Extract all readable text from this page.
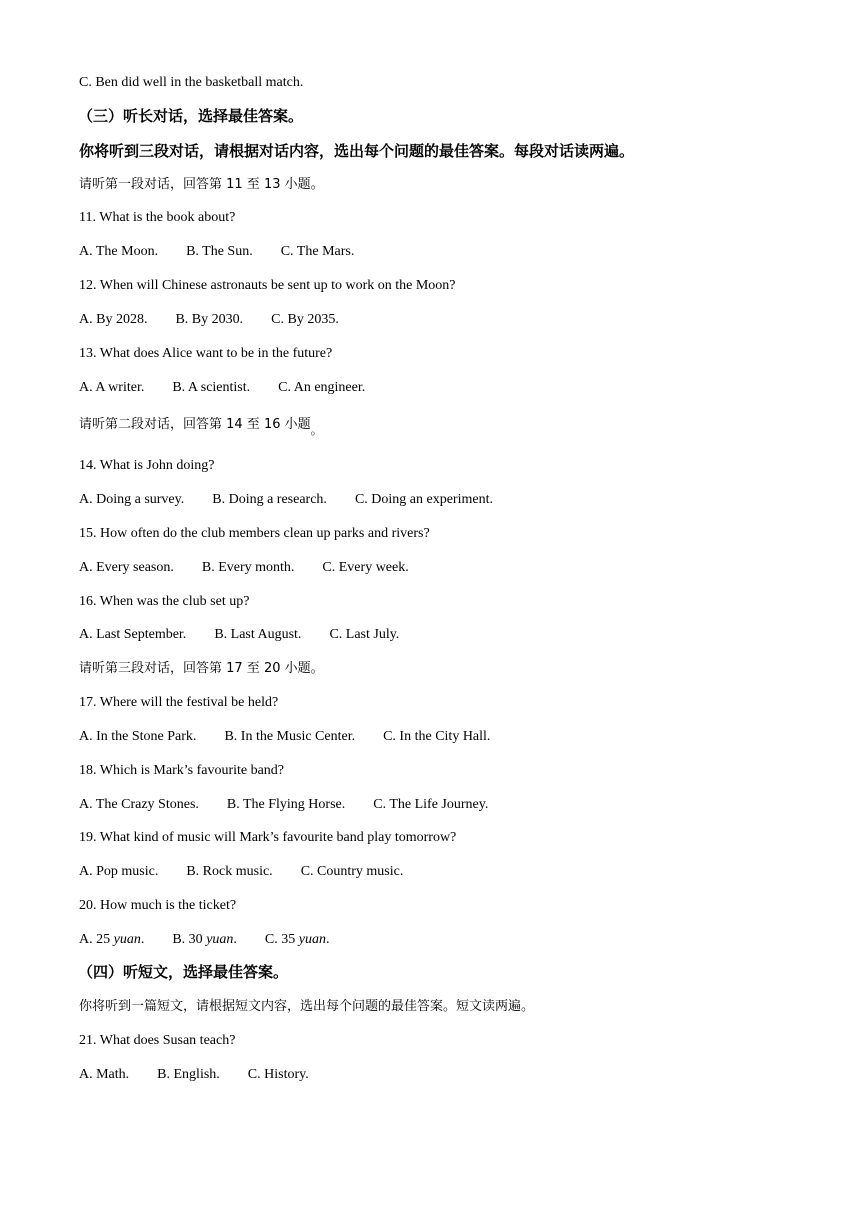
C. Ben did well in the basketball match.
（三）听长对话，选择最佳答案。
你将听到三段对话，请根据对话内容，选出每个问题的最佳答案。每段对话读两遍。
请听第一段对话，回答第 11 至 13 小题。
11. What is the book about?
A. The Moon. B. The Sun. C. The Mars.
12. When will Chinese astronauts be sent up to work on the Moon?
A. By 2028. B. By 2030. C. By 2035.
13. What does Alice want to be in the future?
A. A writer. B. A scientist. C. An engineer.
请听第二段对话，回答第 14 至 16 小题。
14. What is John doing?
A. Doing a survey. B. Doing a research. C. Doing an experiment.
15. How often do the club members clean up parks and rivers?
A. Every season. B. Every month. C. Every week.
16. When was the club set up?
A. Last September. B. Last August. C. Last July.
请听第三段对话，回答第 17 至 20 小题。
17. Where will the festival be held?
A. In the Stone Park. B. In the Music Center. C. In the City Hall.
18. Which is Mark’s favourite band?
A. The Crazy Stones. B. The Flying Horse. C. The Life Journey.
19. What kind of music will Mark’s favourite band play tomorrow?
A. Pop music. B. Rock music. C. Country music.
20. How much is the ticket?
A. 25 yuan. B. 30 yuan. C. 35 yuan.
（四）听短文，选择最佳答案。
你将听到一篇短文，请根据短文内容，选出每个问题的最佳答案。短文读两遍。
21. What does Susan teach?
A. Math. B. English. C. History.
